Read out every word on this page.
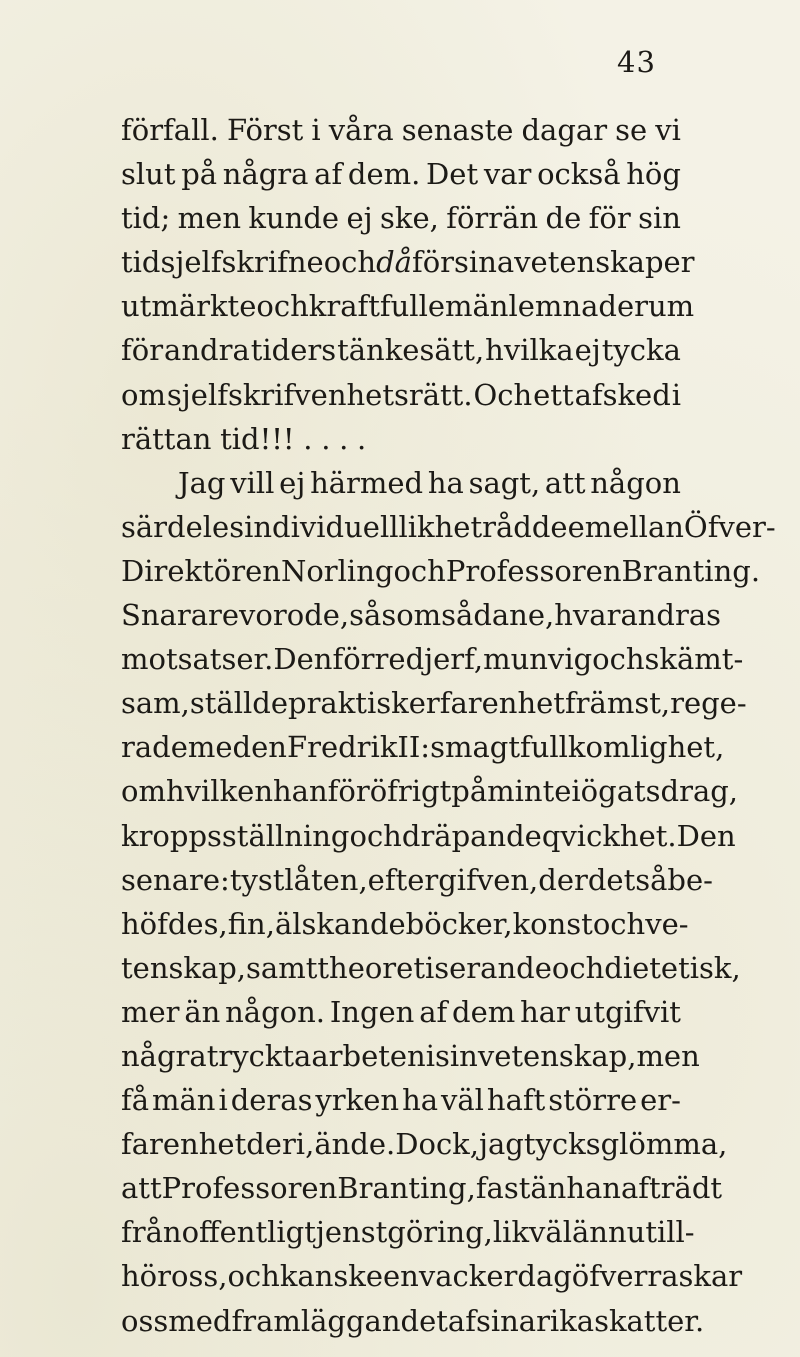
43
förfall. Först i våra senaste dagar se vi
slut på några af dem. Det var också hög
tid; men kunde ej ske, förrän de för sin
tid sjelfskrifne och då för sina vetenskaper
utmärkte och kraftfulle män lemnade rum
för andra tiders tänkesätt, hvilka ej tycka
om sjelfskrifvenhetsrätt. Och ett afsked i
rättan tid!!! . . . .
Jag vill ej härmed ha sagt, att någon
särdeles individuell likhet rådde emellan Öfver-
Direktören Norling och Professoren Branting.
Snarare voro de, såsom sådane, hvarandras
motsatser. Den förre djerf, munvig och skämt-
sam, ställde praktisk erfarenhet främst, rege-
rade med en Fredrik II:s magtfullkomlighet,
om hvilken han föröfrigt påminte i ögats drag,
kroppsställning och dräpande qvickhet. Den
senare: tystlåten, eftergifven, der det så be-
höfdes, fin, älskande böcker, konst och ve-
tenskap, samt theoretiserande och dietetisk,
mer än någon. Ingen af dem har utgifvit
några tryckta arbeten i sin vetenskap, men
få män i deras yrken ha väl haft större er-
farenhet deri, än de. Dock, jag tycks glömma,
att Professoren Branting, fastän han afträdt
från offentlig tjenstgöring, likväl ännu till-
hör oss, och kanske en vacker dag öfverraskar
oss med framläggandet af sina rika skatter.
